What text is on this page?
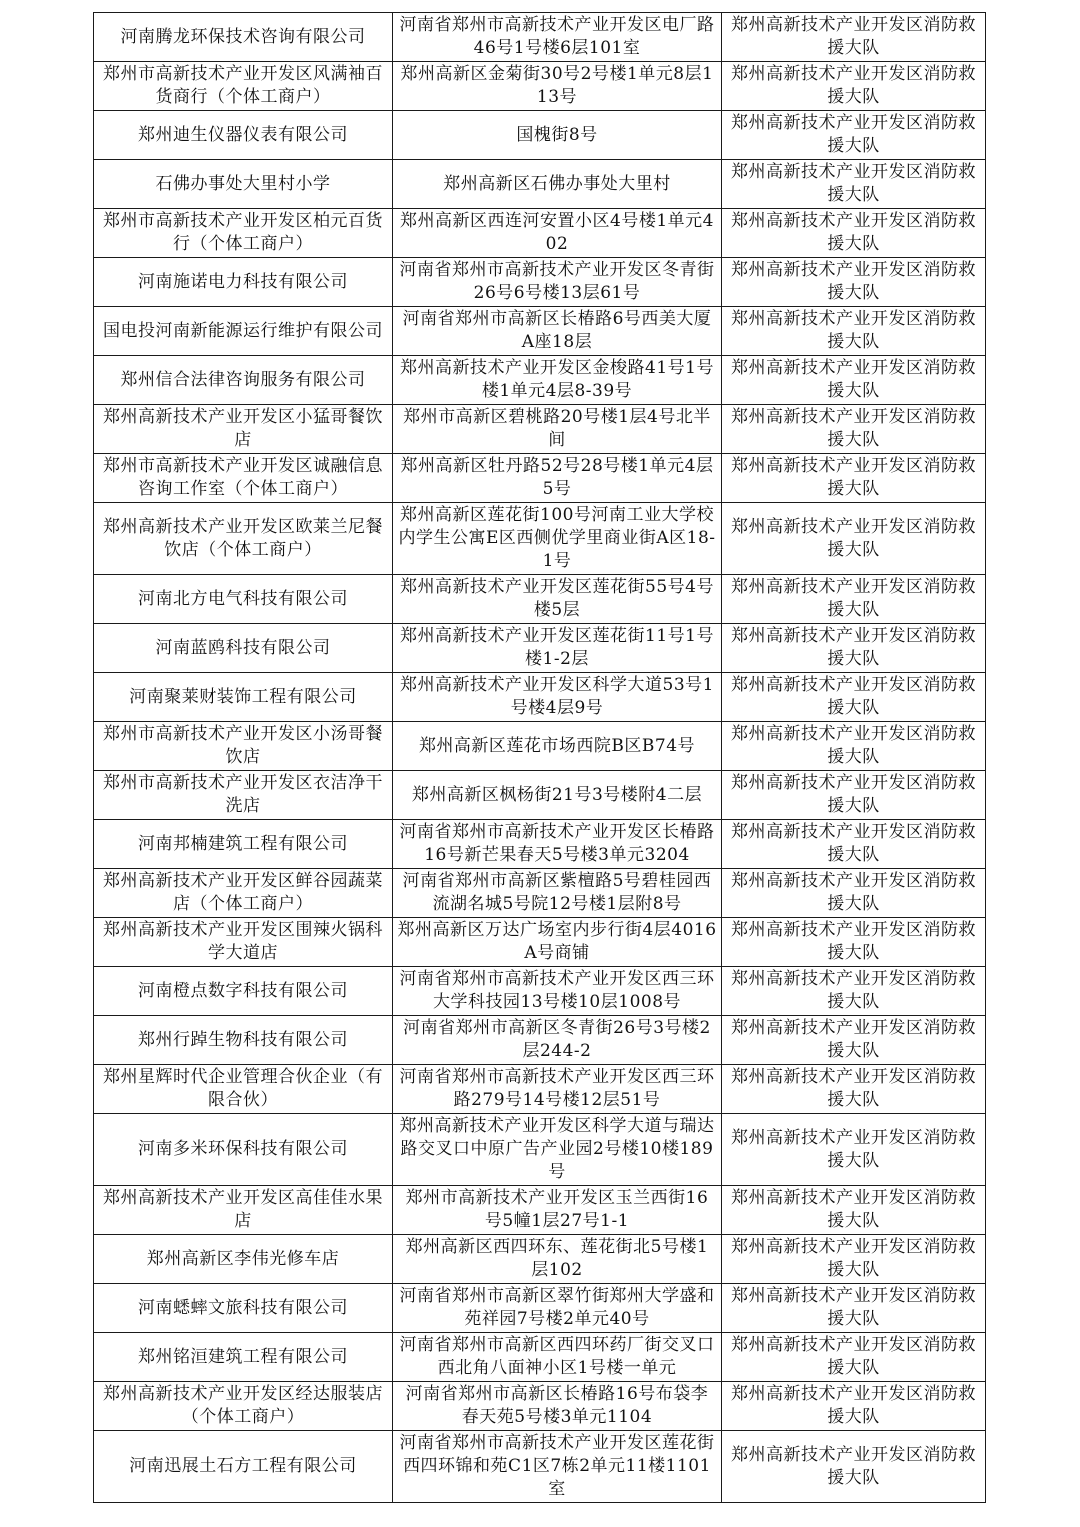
河南腾龙环保技术咨询有限公司	河南省郑州市高新技术产业开发区电厂路46号1号楼6层101室	郑州高新技术产业开发区消防救援大队
郑州市高新技术产业开发区风满袖百货商行（个体工商户）	郑州高新区金菊街30号2号楼1单元8层113号	郑州高新技术产业开发区消防救援大队
郑州迪生仪器仪表有限公司	国槐街8号	郑州高新技术产业开发区消防救援大队
石佛办事处大里村小学	郑州高新区石佛办事处大里村	郑州高新技术产业开发区消防救援大队
郑州市高新技术产业开发区柏元百货行（个体工商户）	郑州高新区西连河安置小区4号楼1单元402	郑州高新技术产业开发区消防救援大队
河南施诺电力科技有限公司	河南省郑州市高新技术产业开发区冬青街26号6号楼13层61号	郑州高新技术产业开发区消防救援大队
国电投河南新能源运行维护有限公司	河南省郑州市高新区长椿路6号西美大厦A座18层	郑州高新技术产业开发区消防救援大队
郑州信合法律咨询服务有限公司	郑州高新技术产业开发区金梭路41号1号楼1单元4层8-39号	郑州高新技术产业开发区消防救援大队
郑州高新技术产业开发区小猛哥餐饮店	郑州市高新区碧桃路20号楼1层4号北半间	郑州高新技术产业开发区消防救援大队
郑州市高新技术产业开发区诚融信息咨询工作室（个体工商户）	郑州高新区牡丹路52号28号楼1单元4层5号	郑州高新技术产业开发区消防救援大队
郑州高新技术产业开发区欧莱兰尼餐饮店（个体工商户）	郑州高新区莲花街100号河南工业大学校内学生公寓E区西侧优学里商业街A区18-1号	郑州高新技术产业开发区消防救援大队
河南北方电气科技有限公司	郑州高新技术产业开发区莲花街55号4号楼5层	郑州高新技术产业开发区消防救援大队
河南蓝鸥科技有限公司	郑州高新技术产业开发区莲花街11号1号楼1-2层	郑州高新技术产业开发区消防救援大队
河南聚莱财装饰工程有限公司	郑州高新技术产业开发区科学大道53号1号楼4层9号	郑州高新技术产业开发区消防救援大队
郑州市高新技术产业开发区小汤哥餐饮店	郑州高新区莲花市场西院B区B74号	郑州高新技术产业开发区消防救援大队
郑州市高新技术产业开发区衣洁净干洗店	郑州高新区枫杨街21号3号楼附4二层	郑州高新技术产业开发区消防救援大队
河南邦楠建筑工程有限公司	河南省郑州市高新技术产业开发区长椿路16号新芒果春天5号楼3单元3204	郑州高新技术产业开发区消防救援大队
郑州高新技术产业开发区鲜谷园蔬菜店（个体工商户）	河南省郑州市高新区紫檀路5号碧桂园西流湖名城5号院12号楼1层附8号	郑州高新技术产业开发区消防救援大队
郑州高新技术产业开发区围辣火锅科学大道店	郑州高新区万达广场室内步行街4层4016A号商铺	郑州高新技术产业开发区消防救援大队
河南橙点数字科技有限公司	河南省郑州市高新技术产业开发区西三环大学科技园13号楼10层1008号	郑州高新技术产业开发区消防救援大队
郑州行踔生物科技有限公司	河南省郑州市高新区冬青街26号3号楼2层244-2	郑州高新技术产业开发区消防救援大队
郑州星辉时代企业管理合伙企业（有限合伙）	河南省郑州市高新技术产业开发区西三环路279号14号楼12层51号	郑州高新技术产业开发区消防救援大队
河南多米环保科技有限公司	郑州高新技术产业开发区科学大道与瑞达路交叉口中原广告产业园2号楼10楼189号	郑州高新技术产业开发区消防救援大队
郑州高新技术产业开发区高佳佳水果店	郑州市高新技术产业开发区玉兰西街16号5幢1层27号1-1	郑州高新技术产业开发区消防救援大队
郑州高新区李伟光修车店	郑州高新区西四环东、莲花街北5号楼1层102	郑州高新技术产业开发区消防救援大队
河南蟋蟀文旅科技有限公司	河南省郑州市高新区翠竹街郑州大学盛和苑祥园7号楼2单元40号	郑州高新技术产业开发区消防救援大队
郑州铭洹建筑工程有限公司	河南省郑州市高新区西四环药厂街交叉口西北角八面神小区1号楼一单元	郑州高新技术产业开发区消防救援大队
郑州高新技术产业开发区经达服装店（个体工商户）	河南省郑州市高新区长椿路16号布袋李春天苑5号楼3单元1104	郑州高新技术产业开发区消防救援大队
河南迅展土石方工程有限公司	河南省郑州市高新技术产业开发区莲花街西四环锦和苑C1区7栋2单元11楼1101室	郑州高新技术产业开发区消防救援大队
